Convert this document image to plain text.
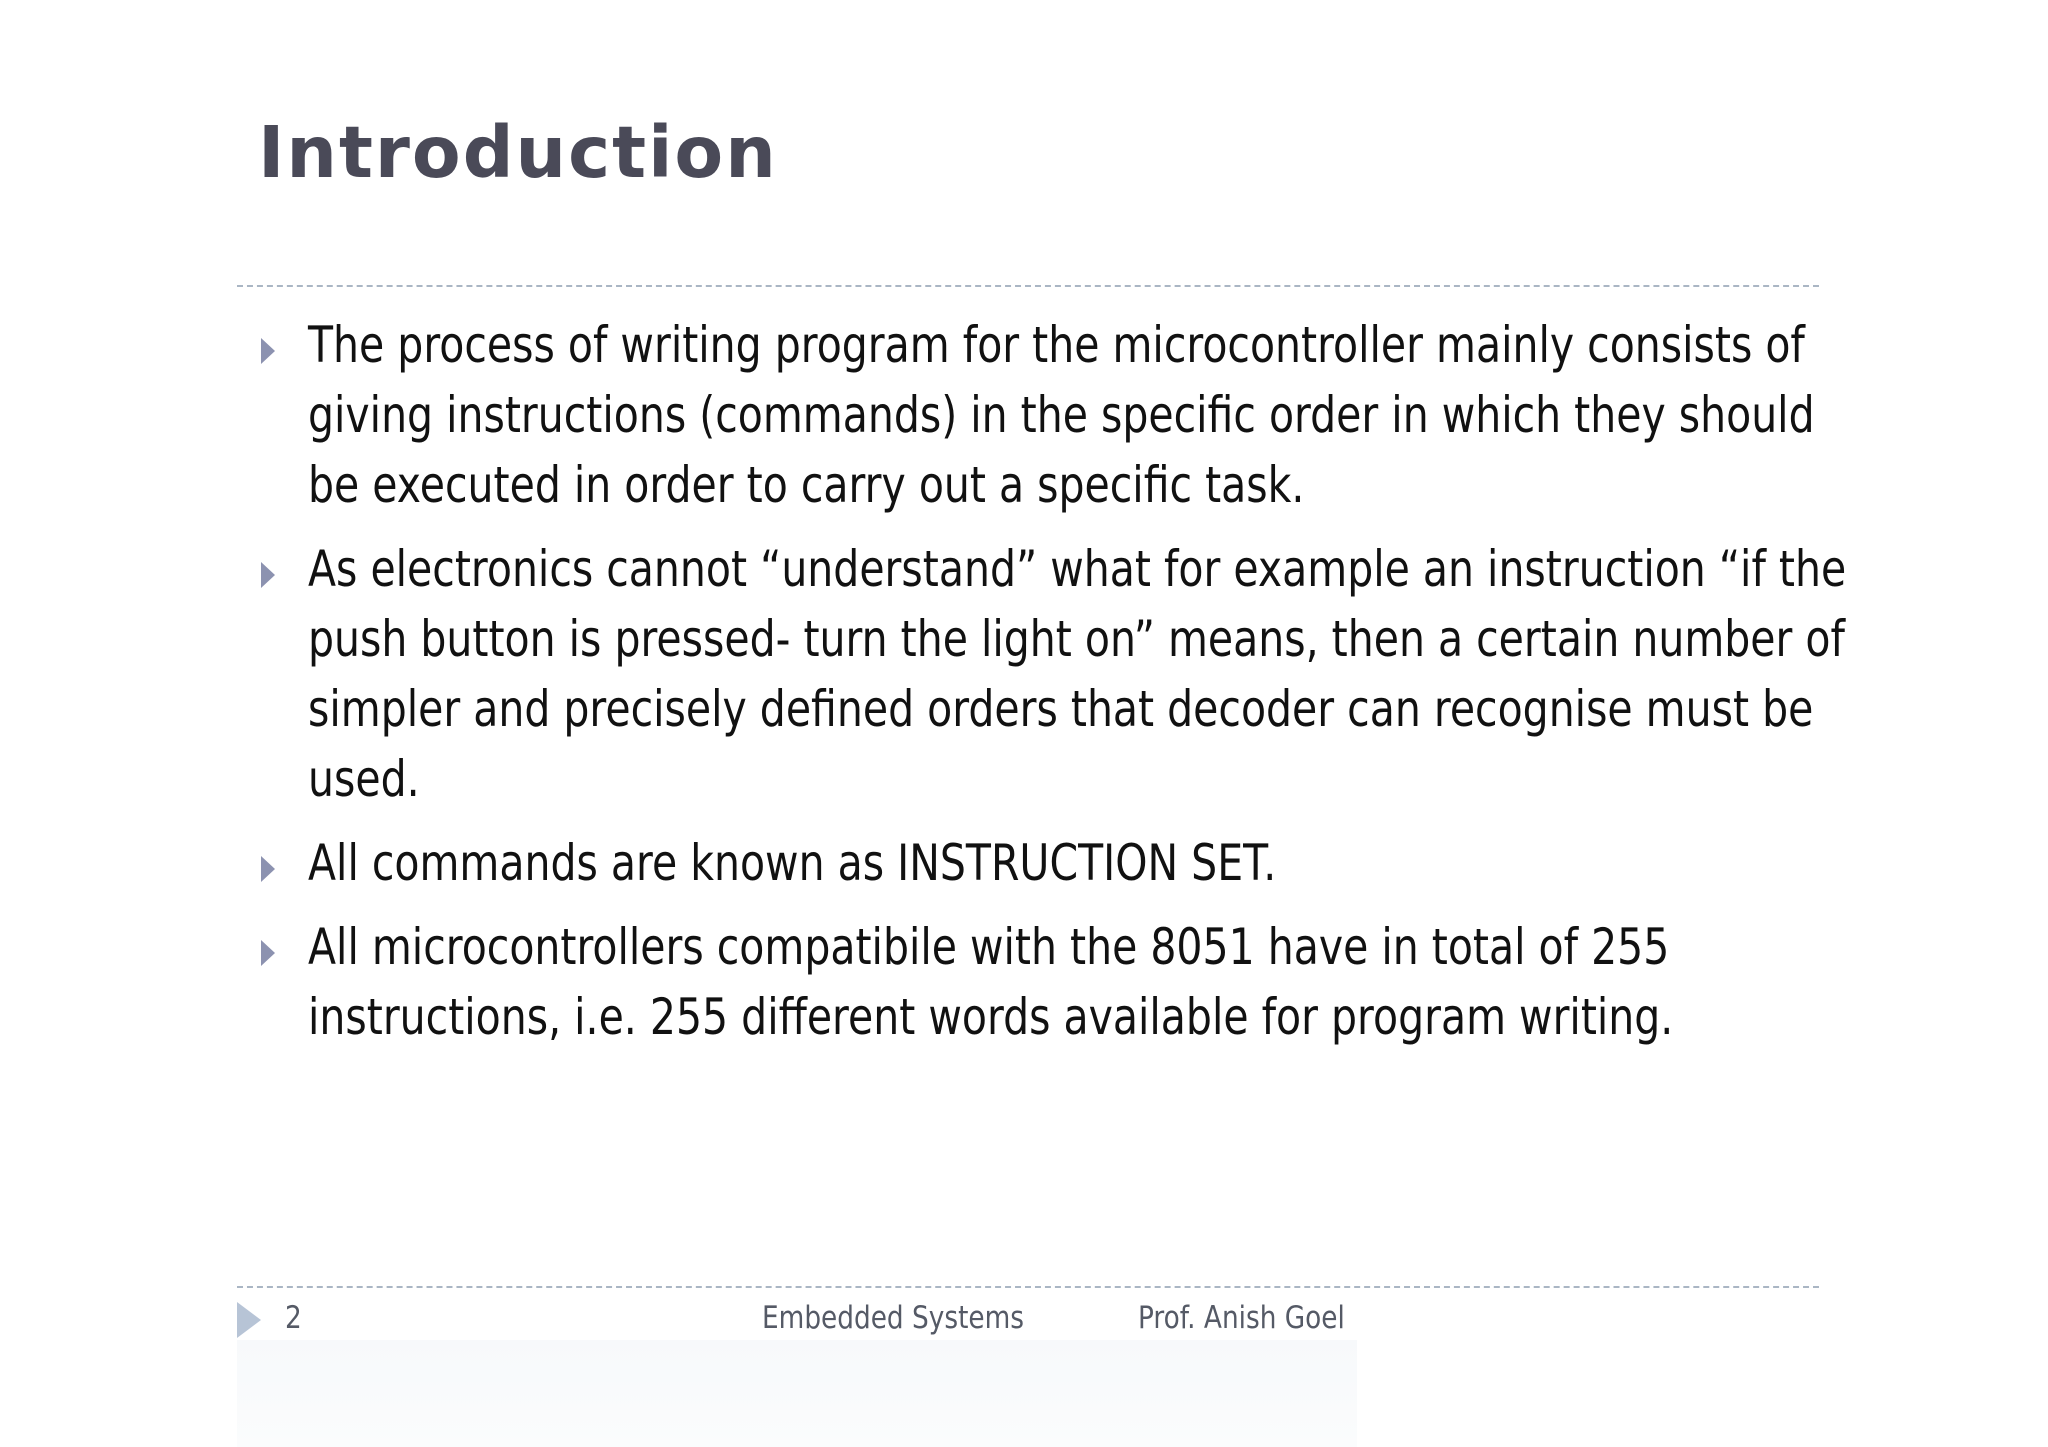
Introduction
The process of writing program for the microcontroller mainly consists of giving instructions (commands) in the specific order in which they should be executed in order to carry out a specific task.
As electronics cannot “understand” what for example an instruction “if the push button is pressed- turn the light on” means, then a certain number of simpler and precisely defined orders that decoder can recognise must be used.
All commands are known as INSTRUCTION SET.
All microcontrollers compatibile with the 8051 have in total of 255 instructions, i.e. 255 different words available for program writing.
2	Embedded Systems	Prof. Anish Goel
